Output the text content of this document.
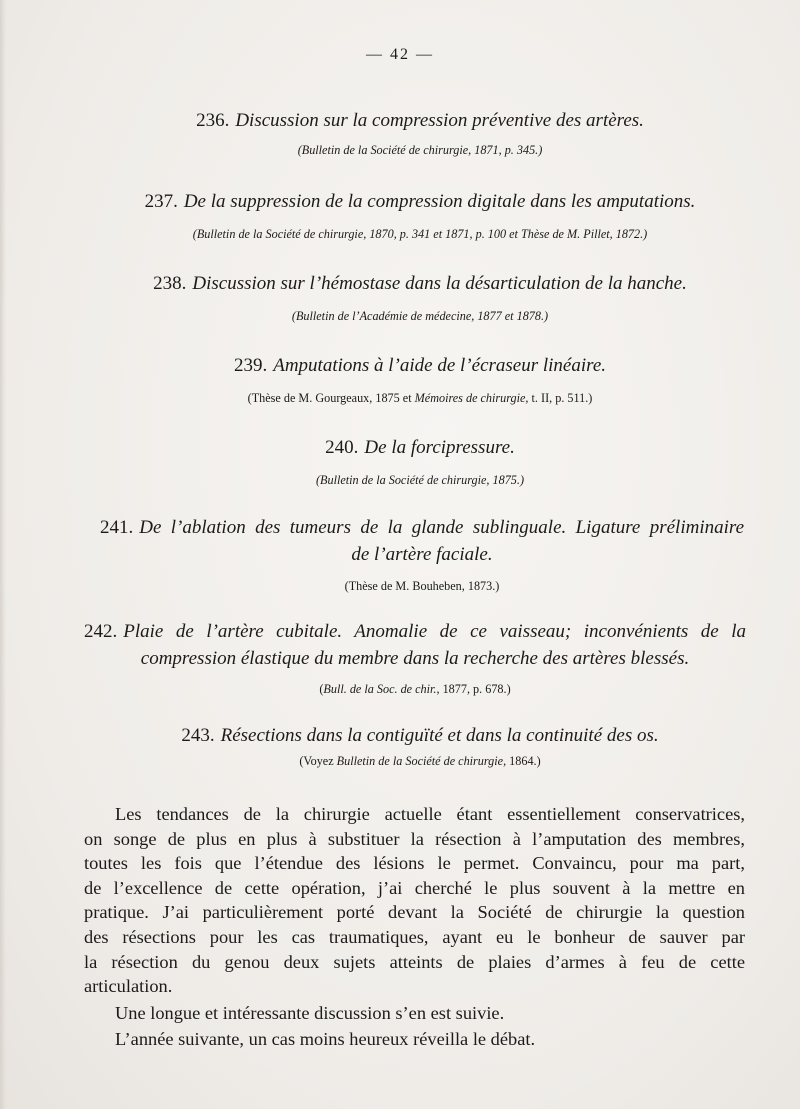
— 42 —
236. Discussion sur la compression préventive des artères.
(Bulletin de la Société de chirurgie, 1871, p. 345.)
237. De la suppression de la compression digitale dans les amputations.
(Bulletin de la Société de chirurgie, 1870, p. 341 et 1871, p. 100 et Thèse de M. Pillet, 1872.)
238. Discussion sur l’hémostase dans la désarticulation de la hanche.
(Bulletin de l’Académie de médecine, 1877 et 1878.)
239. Amputations à l’aide de l’écraseur linéaire.
(Thèse de M. Gourgeaux, 1875 et Mémoires de chirurgie, t. II, p. 511.)
240. De la forcipressure.
(Bulletin de la Société de chirurgie, 1875.)
241. De l’ablation des tumeurs de la glande sublinguale. Ligature préliminaire
de l’artère faciale.
(Thèse de M. Bouheben, 1873.)
242. Plaie de l’artère cubitale. Anomalie de ce vaisseau; inconvénients de la
compression élastique du membre dans la recherche des artères blessés.
(Bull. de la Soc. de chir., 1877, p. 678.)
243. Résections dans la contiguïté et dans la continuité des os.
(Voyez Bulletin de la Société de chirurgie, 1864.)

Les tendances de la chirurgie actuelle étant essentiellement conservatrices,
on songe de plus en plus à substituer la résection à l’amputation des membres,
toutes les fois que l’étendue des lésions le permet. Convaincu, pour ma part,
de l’excellence de cette opération, j’ai cherché le plus souvent à la mettre en
pratique. J’ai particulièrement porté devant la Société de chirurgie la question
des résections pour les cas traumatiques, ayant eu le bonheur de sauver par
la résection du genou deux sujets atteints de plaies d’armes à feu de cette
articulation.

Une longue et intéressante discussion s’en est suivie.

L’année suivante, un cas moins heureux réveilla le débat.
